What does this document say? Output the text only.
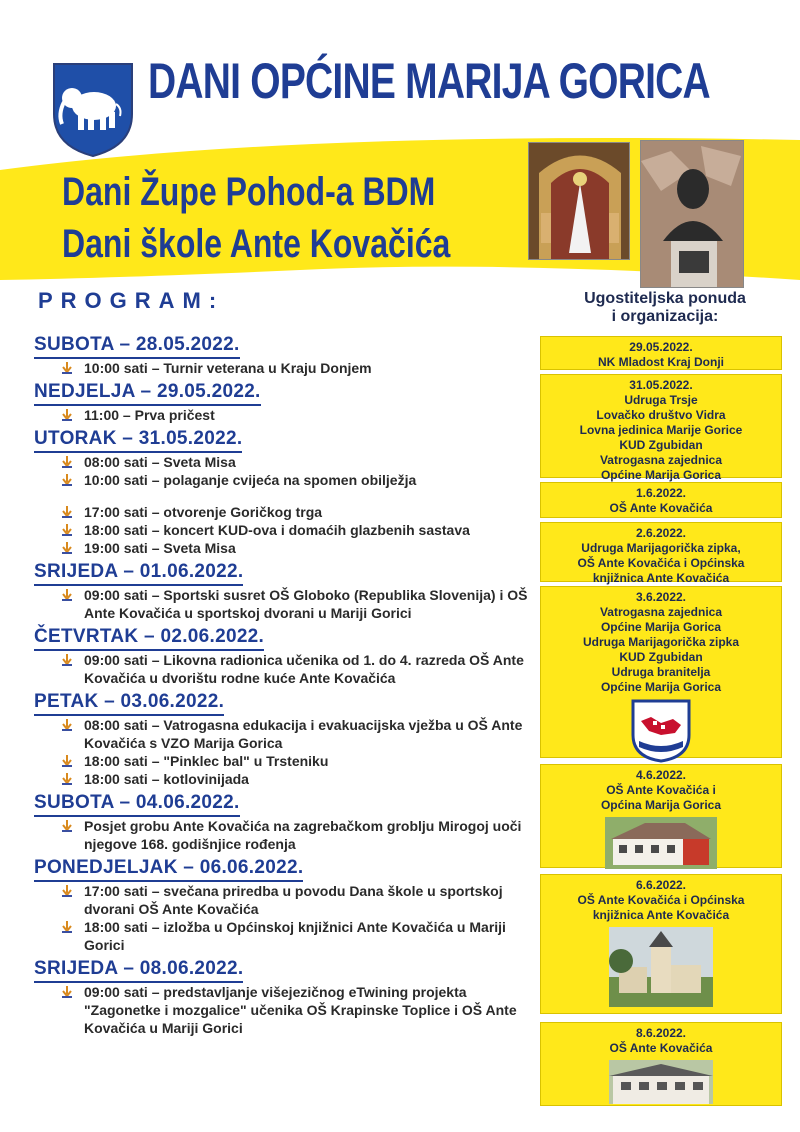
DANI OPĆINE MARIJA GORICA
Dani Župe Pohod-a BDM
Dani škole Ante Kovačića
PROGRAM:
SUBOTA – 28.05.2022.
10:00 sati – Turnir veterana u Kraju Donjem
NEDJELJA – 29.05.2022.
11:00 – Prva pričest
UTORAK – 31.05.2022.
08:00 sati – Sveta Misa
10:00 sati – polaganje cvijeća na spomen obilježja
17:00 sati – otvorenje Goričkog trga
18:00 sati – koncert KUD-ova i domaćih glazbenih sastava
19:00 sati – Sveta Misa
SRIJEDA – 01.06.2022.
09:00 sati – Sportski susret OŠ Globoko (Republika Slovenija) i OŠ Ante Kovačića u sportskoj dvorani u Mariji Gorici
ČETVRTAK – 02.06.2022.
09:00 sati – Likovna radionica učenika od 1. do 4. razreda OŠ Ante Kovačića u dvorištu rodne kuće Ante Kovačića
PETAK – 03.06.2022.
08:00 sati – Vatrogasna edukacija i evakuacijska vježba u OŠ Ante Kovačića s VZO Marija Gorica
18:00 sati – "Pinklec bal" u Trsteniku
18:00 sati – kotlovinijada
SUBOTA – 04.06.2022.
Posjet grobu Ante Kovačića na zagrebačkom groblju Mirogoj uoči njegove 168. godišnjice rođenja
PONEDJELJAK – 06.06.2022.
17:00 sati – svečana priredba u povodu Dana škole u sportskoj dvorani OŠ Ante Kovačića
18:00 sati – izložba u Općinskoj knjižnici Ante Kovačića u Mariji Gorici
SRIJEDA – 08.06.2022.
09:00 sati – predstavljanje višejezičnog eTwining projekta "Zagonetke i mozgalice" učenika OŠ Krapinske Toplice i OŠ Ante Kovačića u Mariji Gorici
Ugostiteljska ponuda
i organizacija:
29.05.2022.
NK Mladost Kraj Donji
31.05.2022.
Udruga Trsje
Lovačko društvo Vidra
Lovna jedinica Marije Gorice
KUD Zgubidan
Vatrogasna zajednica
Općine Marija Gorica
1.6.2022.
OŠ Ante Kovačića
2.6.2022.
Udruga Marijagorička zipka,
OŠ Ante Kovačića i Općinska
knjižnica Ante Kovačića
3.6.2022.
Vatrogasna zajednica
Općine Marija Gorica
Udruga Marijagorička zipka
KUD Zgubidan
Udruga branitelja
Općine Marija Gorica
4.6.2022.
OŠ Ante Kovačića i
Općina Marija Gorica
6.6.2022.
OŠ Ante Kovačića i Općinska
knjižnica Ante Kovačića
8.6.2022.
OŠ Ante Kovačića
